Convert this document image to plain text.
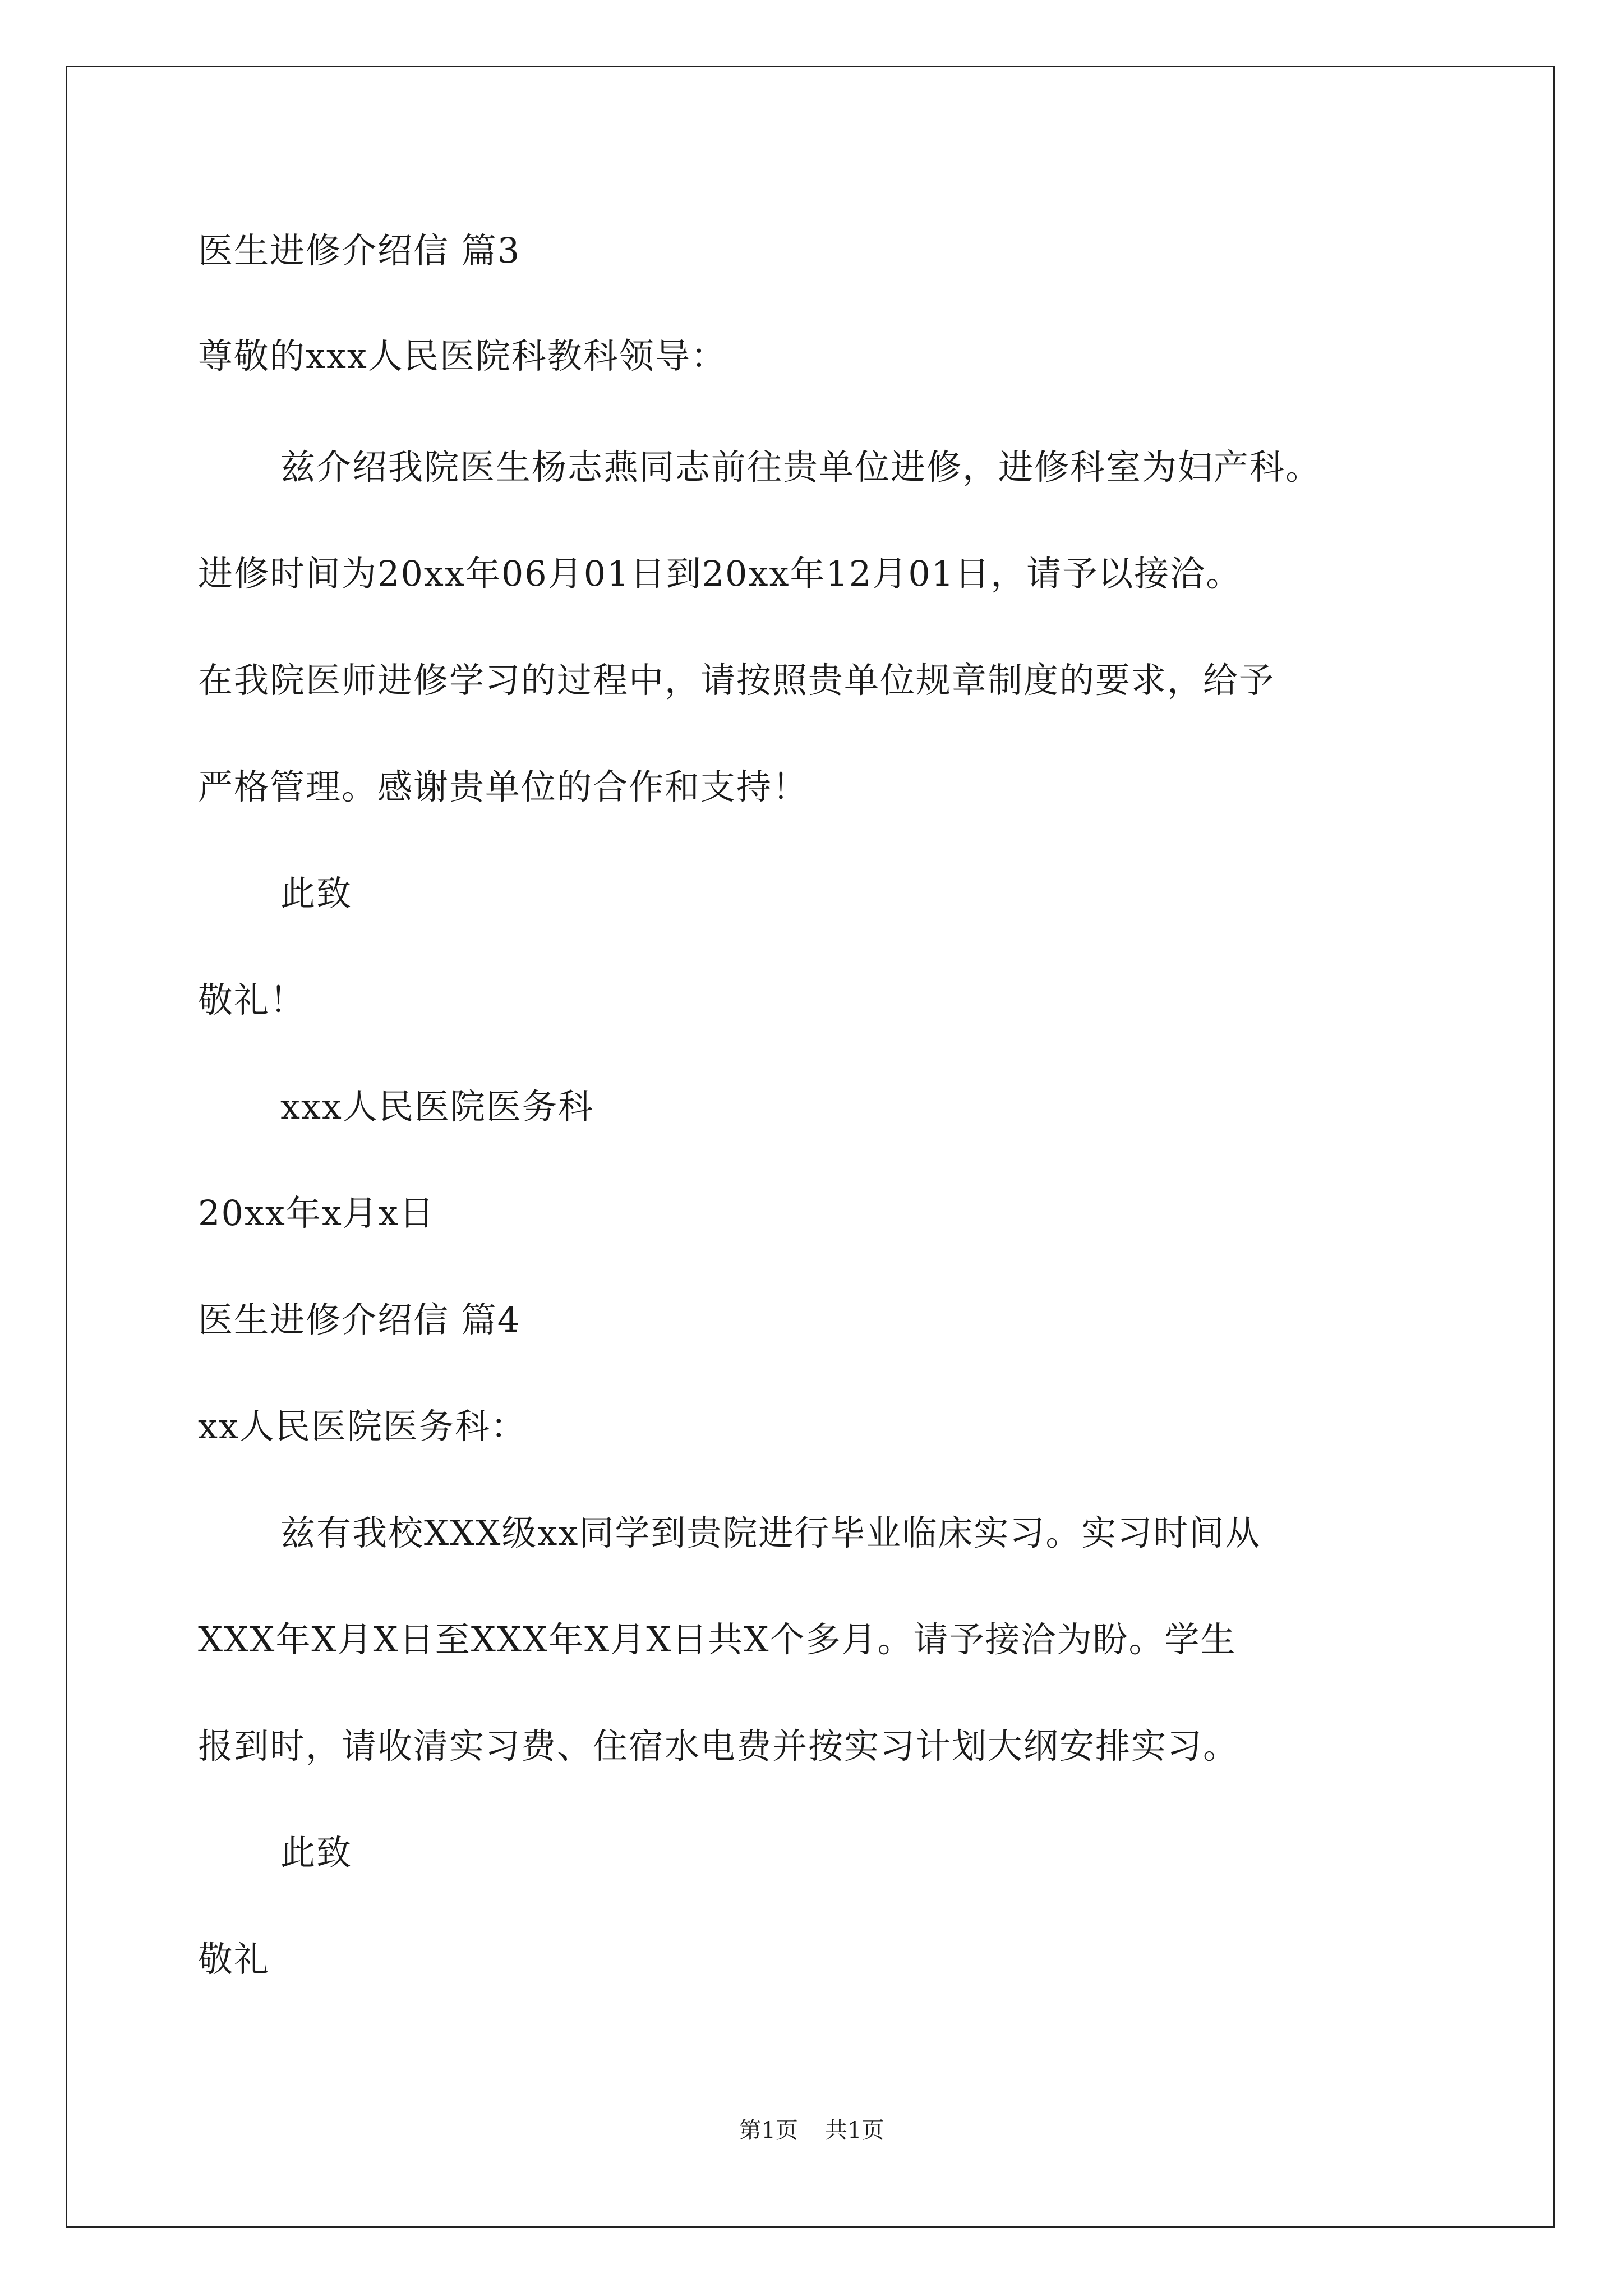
医生进修介绍信 篇3
尊敬的xxx人民医院科教科领导：
兹介绍我院医生杨志燕同志前往贵单位进修，进修科室为妇产科。
进修时间为20xx年06月01日到20xx年12月01日，请予以接洽。
在我院医师进修学习的过程中，请按照贵单位规章制度的要求，给予
严格管理。感谢贵单位的合作和支持！
此致
敬礼！
xxx人民医院医务科
20xx年x月x日
医生进修介绍信 篇4
xx人民医院医务科：
兹有我校XXX级xx同学到贵院进行毕业临床实习。实习时间从
XXX年X月X日至XXX年X月X日共X个多月。请予接洽为盼。学生
报到时，请收清实习费、住宿水电费并按实习计划大纲安排实习。
此致
敬礼
第1页 共1页
